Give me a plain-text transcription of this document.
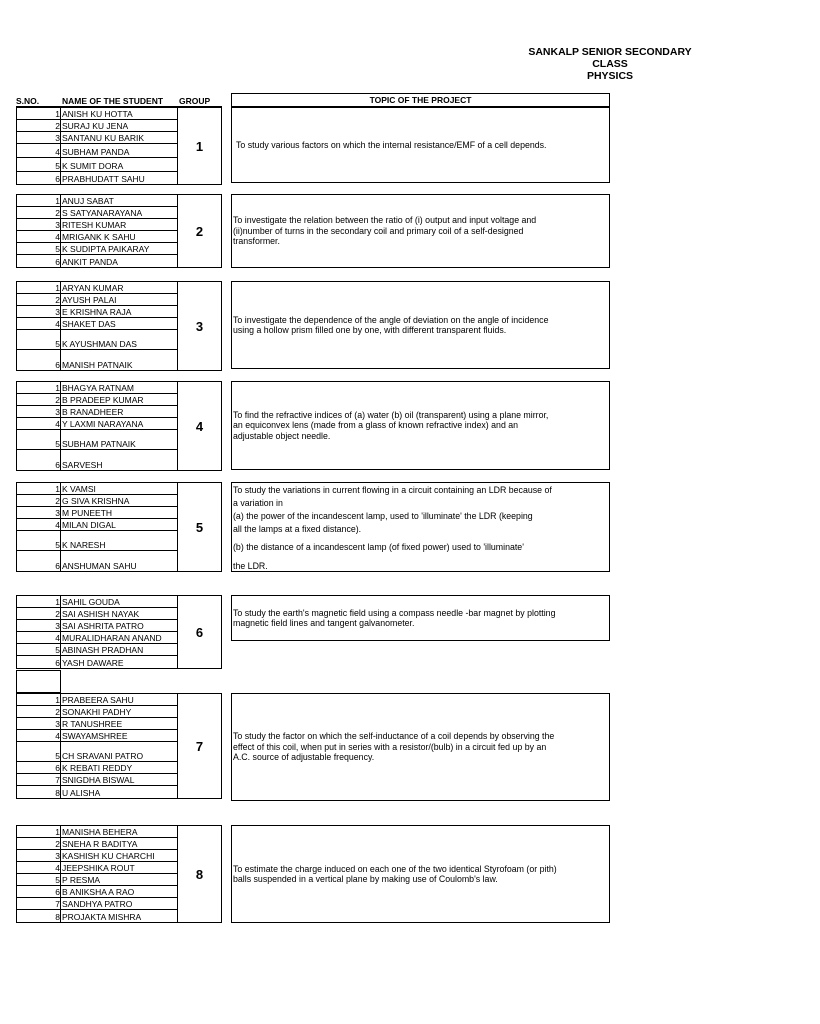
SANKALP SENIOR SECONDARY
CLASS
PHYSICS
S.NO.	NAME OF THE STUDENT GROUP	TOPIC OF THE PROJECT
1 ANISH KU HOTTA
2 SURAJ KU JENA
3 SANTANU KU BARIK
4 SUBHAM PANDA
5 K SUMIT DORA
6 PRABHUDATT SAHU
1	To study various factors on which the internal resistance/EMF of a cell depends.
1 ANUJ SABAT
2 S SATYANARAYANA
3 RITESH KUMAR
4 MRIGANK K SAHU
5 K SUDIPTA PAIKARAY
6 ANKIT PANDA
2
To investigate the relation between the ratio of (i) output and input voltage and
(ii)number of turns in the secondary coil and primary coil of a self-designed
transformer.
1 ARYAN KUMAR
2 AYUSH PALAI
3 E KRISHNA RAJA
4 SHAKET DAS
5 K AYUSHMAN DAS
6 MANISH PATNAIK
3	To investigate the dependence of the angle of deviation on the angle of incidence
using a hollow prism filled one by one, with different transparent fluids.
1 BHAGYA RATNAM
2 B PRADEEP KUMAR
3 B RANADHEER
4 Y LAXMI NARAYANA
5 SUBHAM PATNAIK
6 SARVESH
4
To find the refractive indices of (a) water (b) oil (transparent) using a plane mirror,
an equiconvex lens (made from a glass of known refractive index) and an
adjustable object needle.
1 K VAMSI
2 G SIVA KRISHNA
3 M PUNEETH
4 MILAN DIGAL
5 K NARESH
6 ANSHUMAN SAHU
5
To study the variations in current flowing in a circuit containing an LDR because of
a variation in
(a) the power of the incandescent lamp, used to 'illuminate' the LDR (keeping
all the lamps at a fixed distance).
(b) the distance of a incandescent lamp (of fixed power) used to 'illuminate'
the LDR.
1 SAHIL GOUDA
2 SAI ASHISH NAYAK
3 SAI ASHRITA PATRO
4 MURALIDHARAN ANAND
5 ABINASH PRADHAN
6 YASH DAWARE
6
To study the earth's magnetic field using a compass needle -bar magnet by plotting
magnetic field lines and tangent galvanometer.
1 PRABEERA SAHU
2 SONAKHI PADHY
3 R TANUSHREE
4 SWAYAMSHREE
5 CH SRAVANI PATRO
6 K REBATI REDDY
7 SNIGDHA BISWAL
8 U ALISHA
7
To study the factor on which the self-inductance of a coil depends by observing the
effect of this coil, when put in series with a resistor/(bulb) in a circuit fed up by an
A.C. source of adjustable frequency.
1 MANISHA BEHERA
2 SNEHA R BADITYA
3 KASHISH KU CHARCHI
4 JEEPSHIKA ROUT
5 P RESMA
6 B ANIKSHA A RAO
7 SANDHYA PATRO
8 PROJAKTA MISHRA
8	To estimate the charge induced on each one of the two identical Styrofoam (or pith)
balls suspended in a vertical plane by making use of Coulomb's law.
